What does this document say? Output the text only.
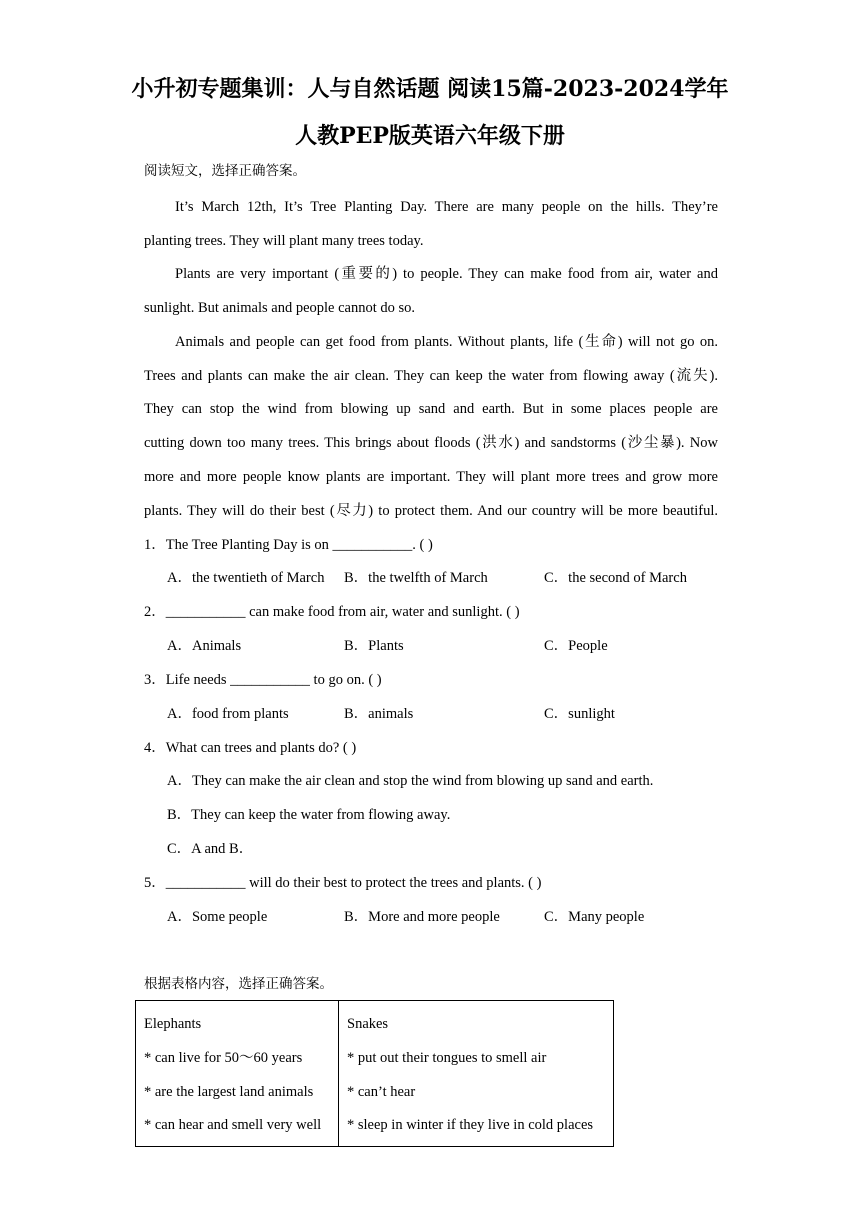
小升初专题集训：人与自然话题 阅读15篇-2023-2024学年
人教PEP版英语六年级下册
阅读短文，选择正确答案。
It’s March 12th, It’s Tree Planting Day. There are many people on the hills. They’re
planting trees. They will plant many trees today.
Plants are very important (重要的) to people. They can make food from air, water and
sunlight. But animals and people cannot do so.
Animals and people can get food from plants. Without plants, life (生命) will not go on.
Trees and plants can make the air clean. They can keep the water from flowing away (流失).
They can stop the wind from blowing up sand and earth. But in some places people are
cutting down too many trees. This brings about floods (洪水) and sandstorms (沙尘暴). Now
more and more people know plants are important. They will plant more trees and grow more
plants. They will do their best (尽力) to protect them. And our country will be more beautiful.
1．The Tree Planting Day is on ___________. ( )
A．the twentieth of March B．the twelfth of March	C．the second of March
2．___________ can make food from air, water and sunlight. ( )
A．Animals	B．Plants	C．People
3．Life needs ___________ to go on. ( )
A．food from plants	B．animals	C．sunlight
4．What can trees and plants do? ( )
A．They can make the air clean and stop the wind from blowing up sand and earth.
B．They can keep the water from flowing away.
C．A and B．
5．___________ will do their best to protect the trees and plants. ( )
A．Some people	B．More and more people	C．Many people
根据表格内容，选择正确答案。
Elephants
* can live for 50～60 years
* are the largest land animals
* can hear and smell very well

Snakes
* put out their tongues to smell air
* can’t hear
* sleep in winter if they live in cold places
